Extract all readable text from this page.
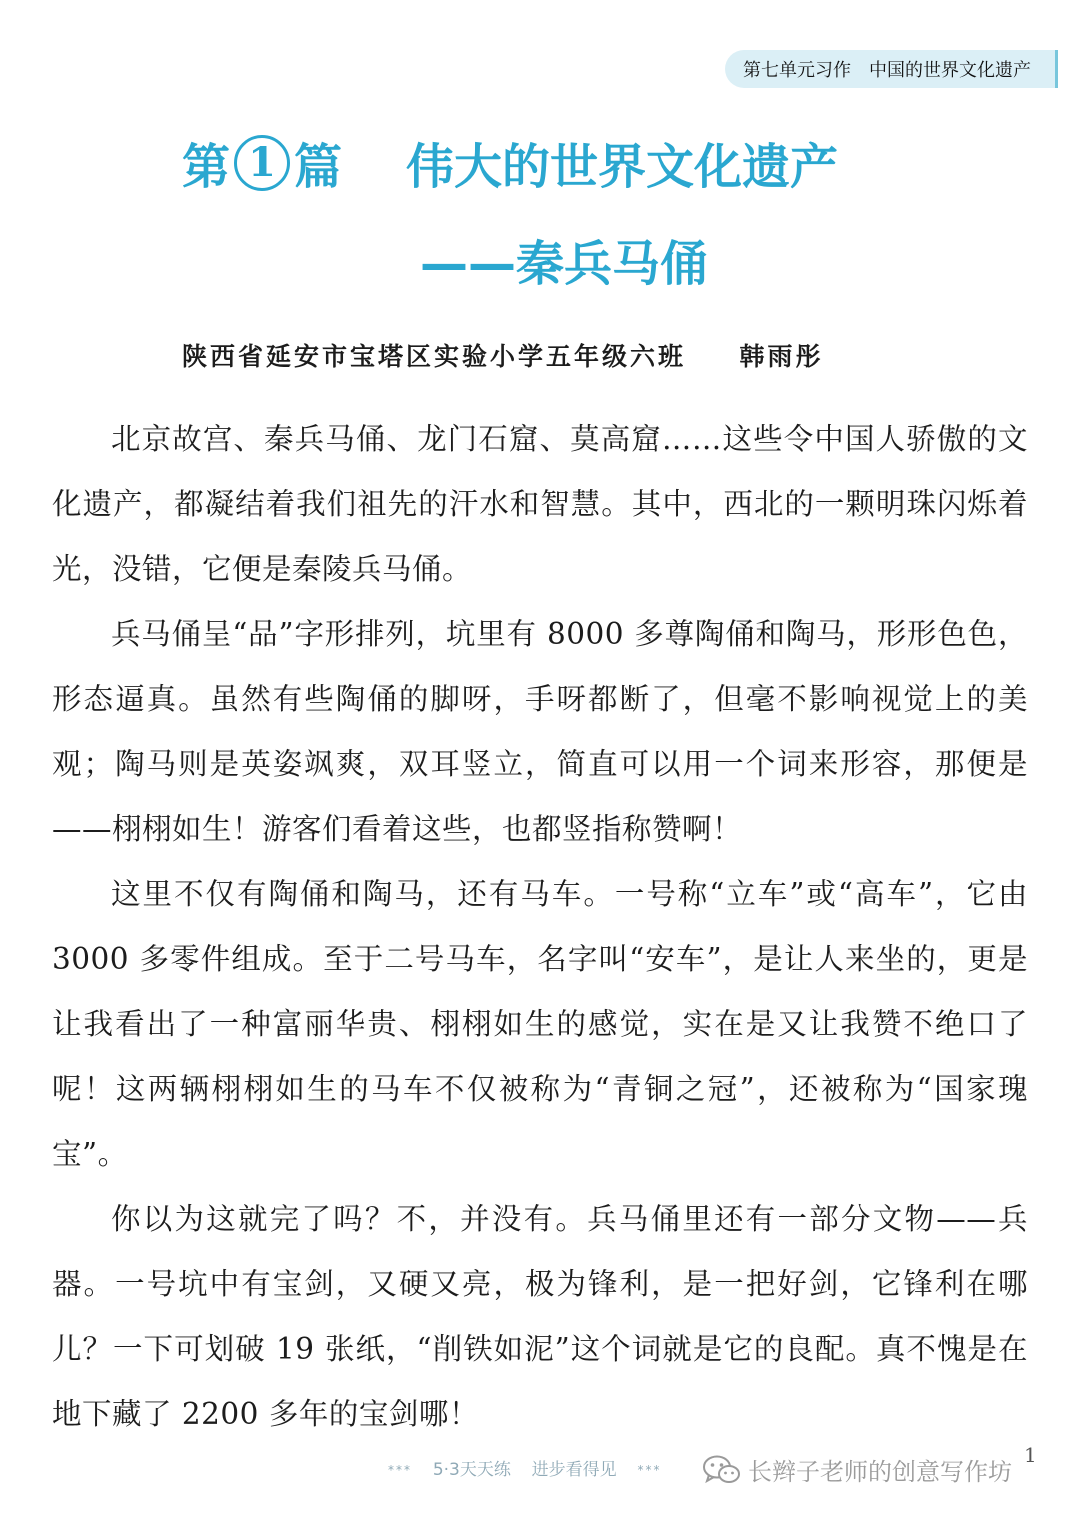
第七单元习作 中国的世界文化遗产
第 1 篇 伟大的世界文化遗产
——秦兵马俑
陕西省延安市宝塔区实验小学五年级六班 韩雨彤

北京故宫、秦兵马俑、龙门石窟、莫高窟……这些令中国人骄傲的文化遗产，都凝结着我们祖先的汗水和智慧。其中，西北的一颗明珠闪烁着光，没错，它便是秦陵兵马俑。

兵马俑呈“品”字形排列，坑里有 8000 多尊陶俑和陶马，形形色色，形态逼真。虽然有些陶俑的脚呀，手呀都断了，但毫不影响视觉上的美观；陶马则是英姿飒爽，双耳竖立，简直可以用一个词来形容，那便是——栩栩如生！游客们看着这些，也都竖指称赞啊！

这里不仅有陶俑和陶马，还有马车。一号称“立车”或“高车”，它由 3000 多零件组成。至于二号马车，名字叫“安车”，是让人来坐的，更是让我看出了一种富丽华贵、栩栩如生的感觉，实在是又让我赞不绝口了呢！这两辆栩栩如生的马车不仅被称为“青铜之冠”，还被称为“国家瑰宝”。

你以为这就完了吗？不，并没有。兵马俑里还有一部分文物——兵器。一号坑中有宝剑，又硬又亮，极为锋利，是一把好剑，它锋利在哪儿？一下可划破 19 张纸，“削铁如泥”这个词就是它的良配。真不愧是在地下藏了 2200 多年的宝剑哪！

*** 5·3天天练 进步看得见 ***	长辫子老师的创意写作坊
1
